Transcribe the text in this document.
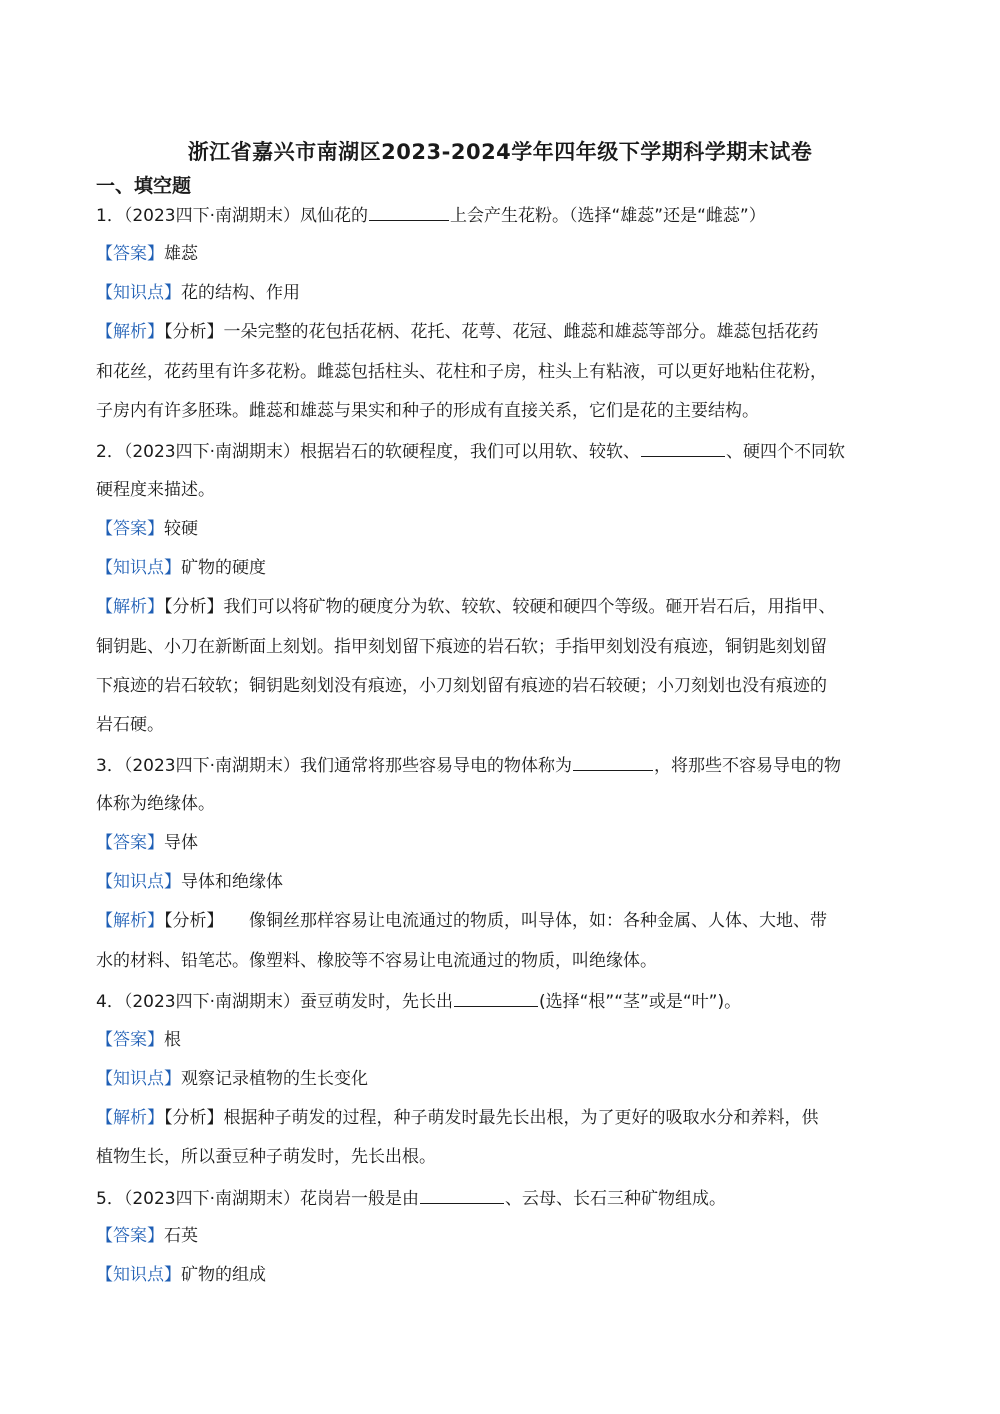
浙江省嘉兴市南湖区2023-2024学年四年级下学期科学期末试卷
一、填空题
1．（2023四下·南湖期末）凤仙花的	上会产生花粉。（选择“雄蕊”还是“雌蕊”）
【答案】雄蕊
【知识点】花的结构、作用
【解析】【分析】一朵完整的花包括花柄、花托、花萼、花冠、雌蕊和雄蕊等部分。雄蕊包括花药
和花丝，花药里有许多花粉。雌蕊包括柱头、花柱和子房，柱头上有粘液，可以更好地粘住花粉，
子房内有许多胚珠。雌蕊和雄蕊与果实和种子的形成有直接关系，它们是花的主要结构。
2．（2023四下·南湖期末）根据岩石的软硬程度，我们可以用软、较软、	、硬四个不同软
硬程度来描述。
【答案】较硬
【知识点】矿物的硬度
【解析】【分析】我们可以将矿物的硬度分为软、较软、较硬和硬四个等级。砸开岩石后，用指甲、
铜钥匙、小刀在新断面上刻划。指甲刻划留下痕迹的岩石软；手指甲刻划没有痕迹，铜钥匙刻划留
下痕迹的岩石较软；铜钥匙刻划没有痕迹，小刀刻划留有痕迹的岩石较硬；小刀刻划也没有痕迹的
岩石硬。
3．（2023四下·南湖期末）我们通常将那些容易导电的物体称为	，将那些不容易导电的物
体称为绝缘体。
【答案】导体
【知识点】导体和绝缘体
【解析】【分析】　　像铜丝那样容易让电流通过的物质，叫导体，如：各种金属、人体、大地、带
水的材料、铅笔芯。像塑料、橡胶等不容易让电流通过的物质，叫绝缘体。
4．（2023四下·南湖期末）蚕豆萌发时，先长出	(选择“根”“茎”或是“叶”)。
【答案】根
【知识点】观察记录植物的生长变化
【解析】【分析】根据种子萌发的过程，种子萌发时最先长出根，为了更好的吸取水分和养料，供
植物生长，所以蚕豆种子萌发时，先长出根。
5．（2023四下·南湖期末）花岗岩一般是由	、云母、长石三种矿物组成。
【答案】石英
【知识点】矿物的组成
